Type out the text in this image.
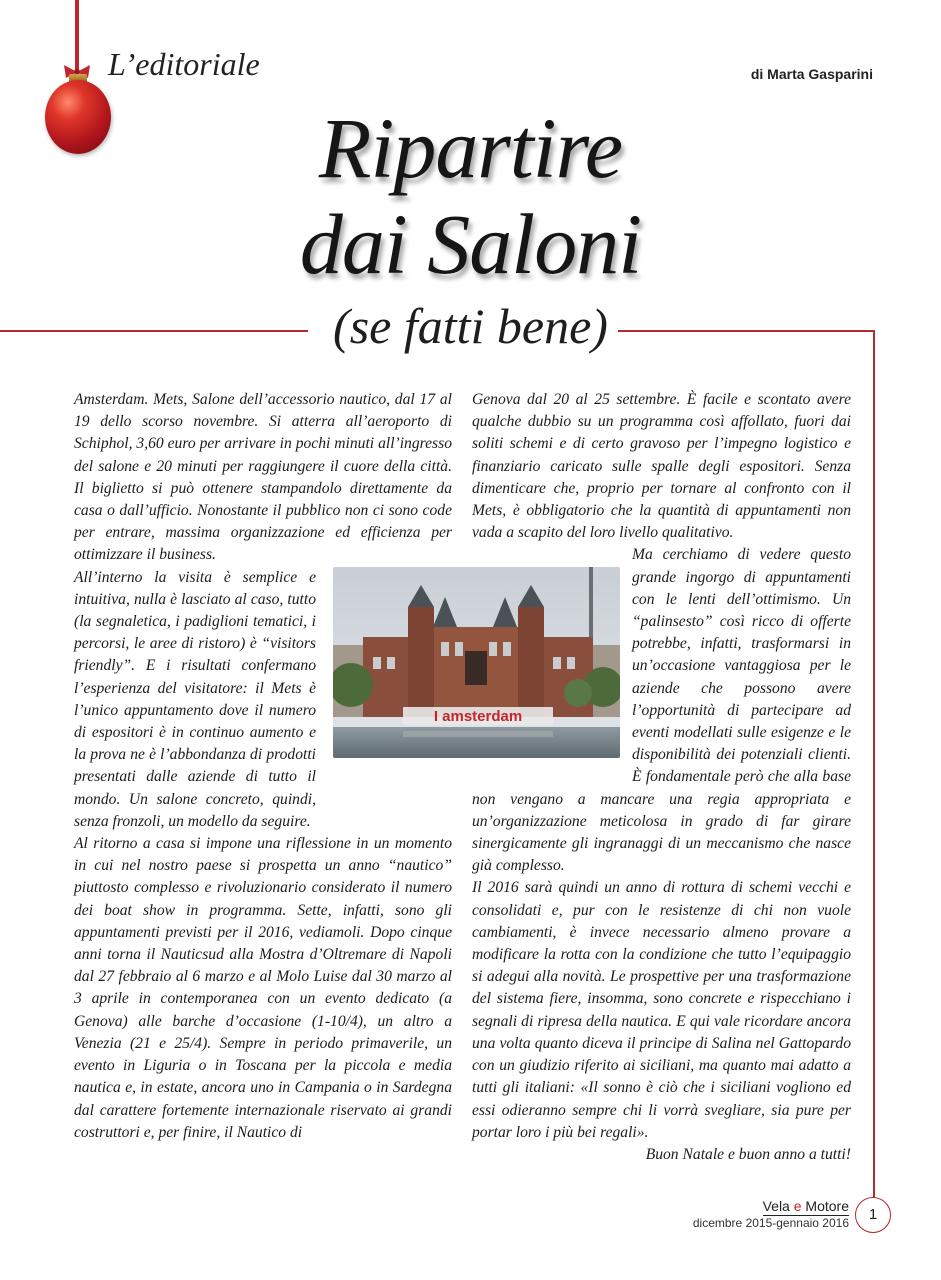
L’editoriale	di Marta Gasparini
Ripartire
dai Saloni
(se fatti bene)

Amsterdam. Mets, Salone dell’accessorio nautico, dal 17 al 19 dello scorso novembre. Si atterra all’aeroporto di Schiphol, 3,60 euro per arrivare in pochi minuti all’ingresso del salone e 20 minuti per raggiungere il cuore della città. Il biglietto si può ottenere stampandolo direttamente da casa o dall’ufficio. Nonostante il pubblico non ci sono code per entrare, massima organizzazione ed efficienza per ottimizzare il business.

All’interno la visita è semplice e intuitiva, nulla è lasciato al caso, tutto (la segnaletica, i padiglioni tematici, i percorsi, le aree di ristoro) è “visitors friendly”. E i risultati confermano l’esperienza del visitatore: il Mets è l’unico appuntamento dove il numero di espositori è in continuo aumento e la prova ne è l’abbondanza di prodotti presentati dalle aziende di tutto il mondo. Un salone concreto, quindi, senza fronzoli, un modello da seguire.

Al ritorno a casa si impone una riflessione in un momento in cui nel nostro paese si prospetta un anno “nautico” piuttosto complesso e rivoluzionario considerato il numero dei boat show in programma. Sette, infatti, sono gli appuntamenti previsti per il 2016, vediamoli. Dopo cinque anni torna il Nauticsud alla Mostra d’Oltremare di Napoli dal 27 febbraio al 6 marzo e al Molo Luise dal 30 marzo al 3 aprile in contemporanea con un evento dedicato (a Genova) alle barche d’occasione (1-10/4), un altro a Venezia (21 e 25/4). Sempre in periodo primaverile, un evento in Liguria o in Toscana per la piccola e media nautica e, in estate, ancora uno in Campania o in Sardegna dal carattere fortemente internazionale riservato ai grandi costruttori e, per finire, il Nautico di

Genova dal 20 al 25 settembre. È facile e scontato avere qualche dubbio su un programma così affollato, fuori dai soliti schemi e di certo gravoso per l’impegno logistico e finanziario caricato sulle spalle degli espositori. Senza dimenticare che, proprio per tornare al confronto con il Mets, è obbligatorio che la quantità di appuntamenti non vada a scapito del loro livello qualitativo.

Ma cerchiamo di vedere questo grande ingorgo di appuntamenti con le lenti dell’ottimismo. Un “palinsesto” così ricco di offerte potrebbe, infatti, trasformarsi in un’occasione vantaggiosa per le aziende che possono avere l’opportunità di partecipare ad eventi modellati sulle esigenze e le disponibilità dei potenziali clienti. È fondamentale però che alla base non vengano a mancare una regia appropriata e un’organizzazione meticolosa in grado di far girare sinergicamente gli ingranaggi di un meccanismo che nasce già complesso.

Il 2016 sarà quindi un anno di rottura di schemi vecchi e consolidati e, pur con le resistenze di chi non vuole cambiamenti, è invece necessario almeno provare a modificare la rotta con la condizione che tutto l’equipaggio si adegui alla novità. Le prospettive per una trasformazione del sistema fiere, insomma, sono concrete e rispecchiano i segnali di ripresa della nautica. E qui vale ricordare ancora una volta quanto diceva il principe di Salina nel Gattopardo con un giudizio riferito ai siciliani, ma quanto mai adatto a tutti gli italiani: «Il sonno è ciò che i siciliani vogliono ed essi odieranno sempre chi li vorrà svegliare, sia pure per portar loro i più bei regali».

Buon Natale e buon anno a tutti!

I amsterdam
Vela e Motore
dicembre 2015-gennaio 2016	1
